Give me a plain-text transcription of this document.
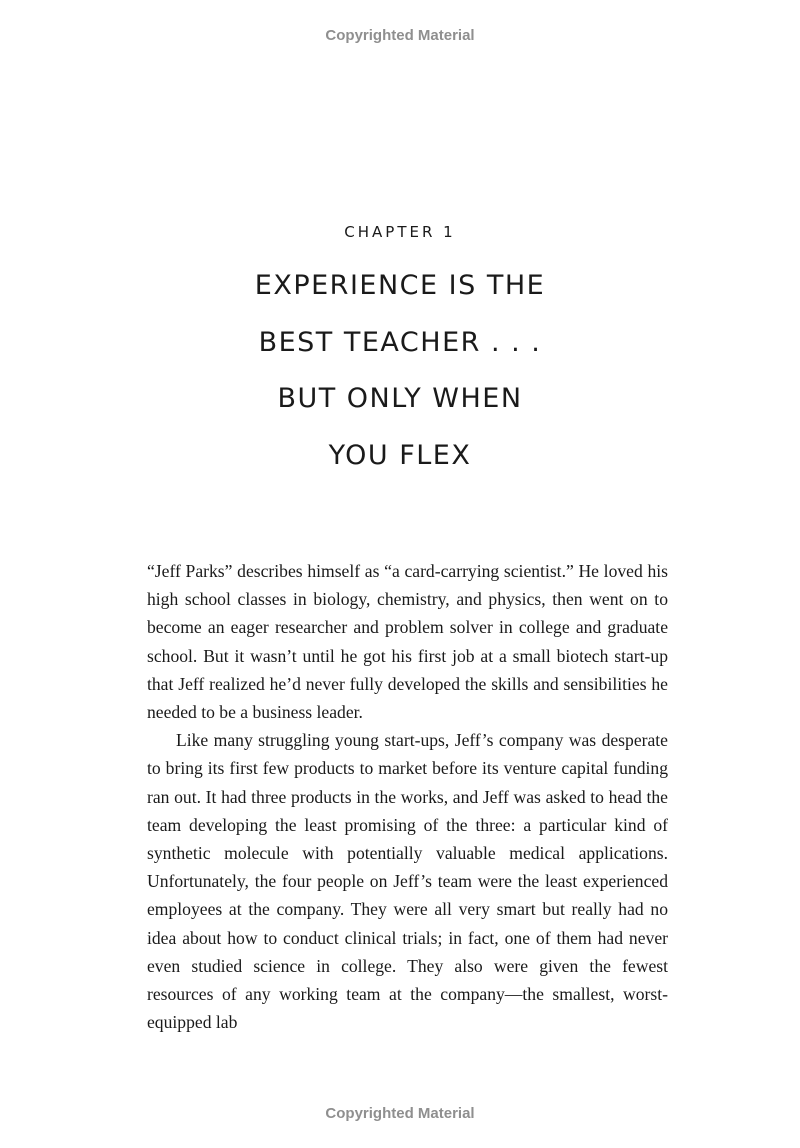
Copyrighted Material
CHAPTER 1
EXPERIENCE IS THE
BEST TEACHER . . .
BUT ONLY WHEN
YOU FLEX

“Jeff Parks” describes himself as “a card-carrying scientist.” He loved his high school classes in biology, chemistry, and physics, then went on to become an eager researcher and problem solver in college and graduate school. But it wasn’t until he got his first job at a small biotech start-up that Jeff realized he’d never fully developed the skills and sensibilities he needed to be a business leader.

Like many struggling young start-ups, Jeff’s company was desperate to bring its first few products to market before its venture capital funding ran out. It had three products in the works, and Jeff was asked to head the team developing the least promising of the three: a particular kind of synthetic molecule with potentially valuable medical applications. Unfortunately, the four people on Jeff’s team were the least experienced employees at the company. They were all very smart but really had no idea about how to conduct clinical trials; in fact, one of them had never even studied science in college. They also were given the fewest resources of any working team at the company—the smallest, worst-equipped lab

Copyrighted Material
